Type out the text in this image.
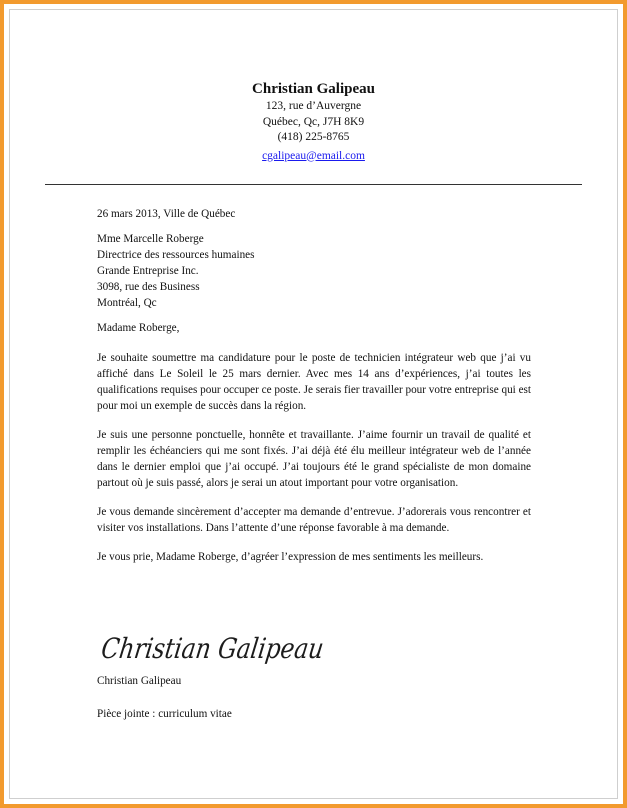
Christian Galipeau
123, rue d’Auvergne
Québec, Qc, J7H 8K9
(418) 225-8765
cgalipeau@email.com

26 mars 2013, Ville de Québec

Mme Marcelle Roberge

Directrice des ressources humaines

Grande Entreprise Inc.

3098, rue des Business

Montréal, Qc

Madame Roberge,

Je souhaite soumettre ma candidature pour le poste de technicien intégrateur web que j’ai vu affiché dans Le Soleil le 25 mars dernier. Avec mes 14 ans d’expériences, j’ai toutes les qualifications requises pour occuper ce poste. Je serais fier travailler pour votre entreprise qui est pour moi un exemple de succès dans la région.

Je suis une personne ponctuelle, honnête et travaillante. J’aime fournir un travail de qualité et remplir les échéanciers qui me sont fixés. J’ai déjà été élu meilleur intégrateur web de l’année dans le dernier emploi que j’ai occupé. J’ai toujours été le grand spécialiste de mon domaine partout où je suis passé, alors je serai un atout important pour votre organisation.

Je vous demande sincèrement d’accepter ma demande d’entrevue. J’adorerais vous rencontrer et visiter vos installations. Dans l’attente d’une réponse favorable à ma demande.

Je vous prie, Madame Roberge, d’agréer l’expression de mes sentiments les meilleurs.

Christian Galipeau
Christian Galipeau
Pièce jointe : curriculum vitae
